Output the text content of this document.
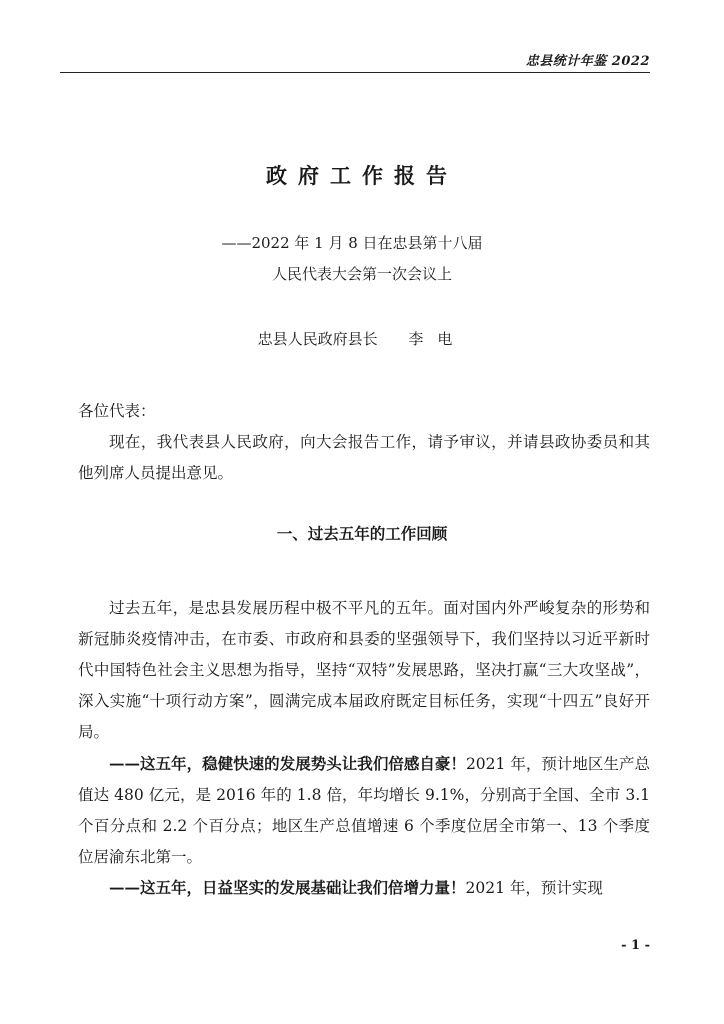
忠县统计年鉴 2022
政府工作报告
——2022 年 1 月 8 日在忠县第十八届
人民代表大会第一次会议上
忠县人民政府县长 李电

各位代表：

现在，我代表县人民政府，向大会报告工作，请予审议，并请县政协委员和其他列席人员提出意见。

一、过去五年的工作回顾

过去五年，是忠县发展历程中极不平凡的五年。面对国内外严峻复杂的形势和新冠肺炎疫情冲击，在市委、市政府和县委的坚强领导下，我们坚持以习近平新时代中国特色社会主义思想为指导，坚持“双特”发展思路，坚决打赢“三大攻坚战”，深入实施“十项行动方案”，圆满完成本届政府既定目标任务，实现“十四五”良好开局。

——这五年，稳健快速的发展势头让我们倍感自豪！2021 年，预计地区生产总值达 480 亿元，是 2016 年的 1.8 倍，年均增长 9.1%，分别高于全国、全市 3.1 个百分点和 2.2 个百分点；地区生产总值增速 6 个季度位居全市第一、13 个季度位居渝东北第一。

——这五年，日益坚实的发展基础让我们倍增力量！2021 年，预计实现

- 1 -
